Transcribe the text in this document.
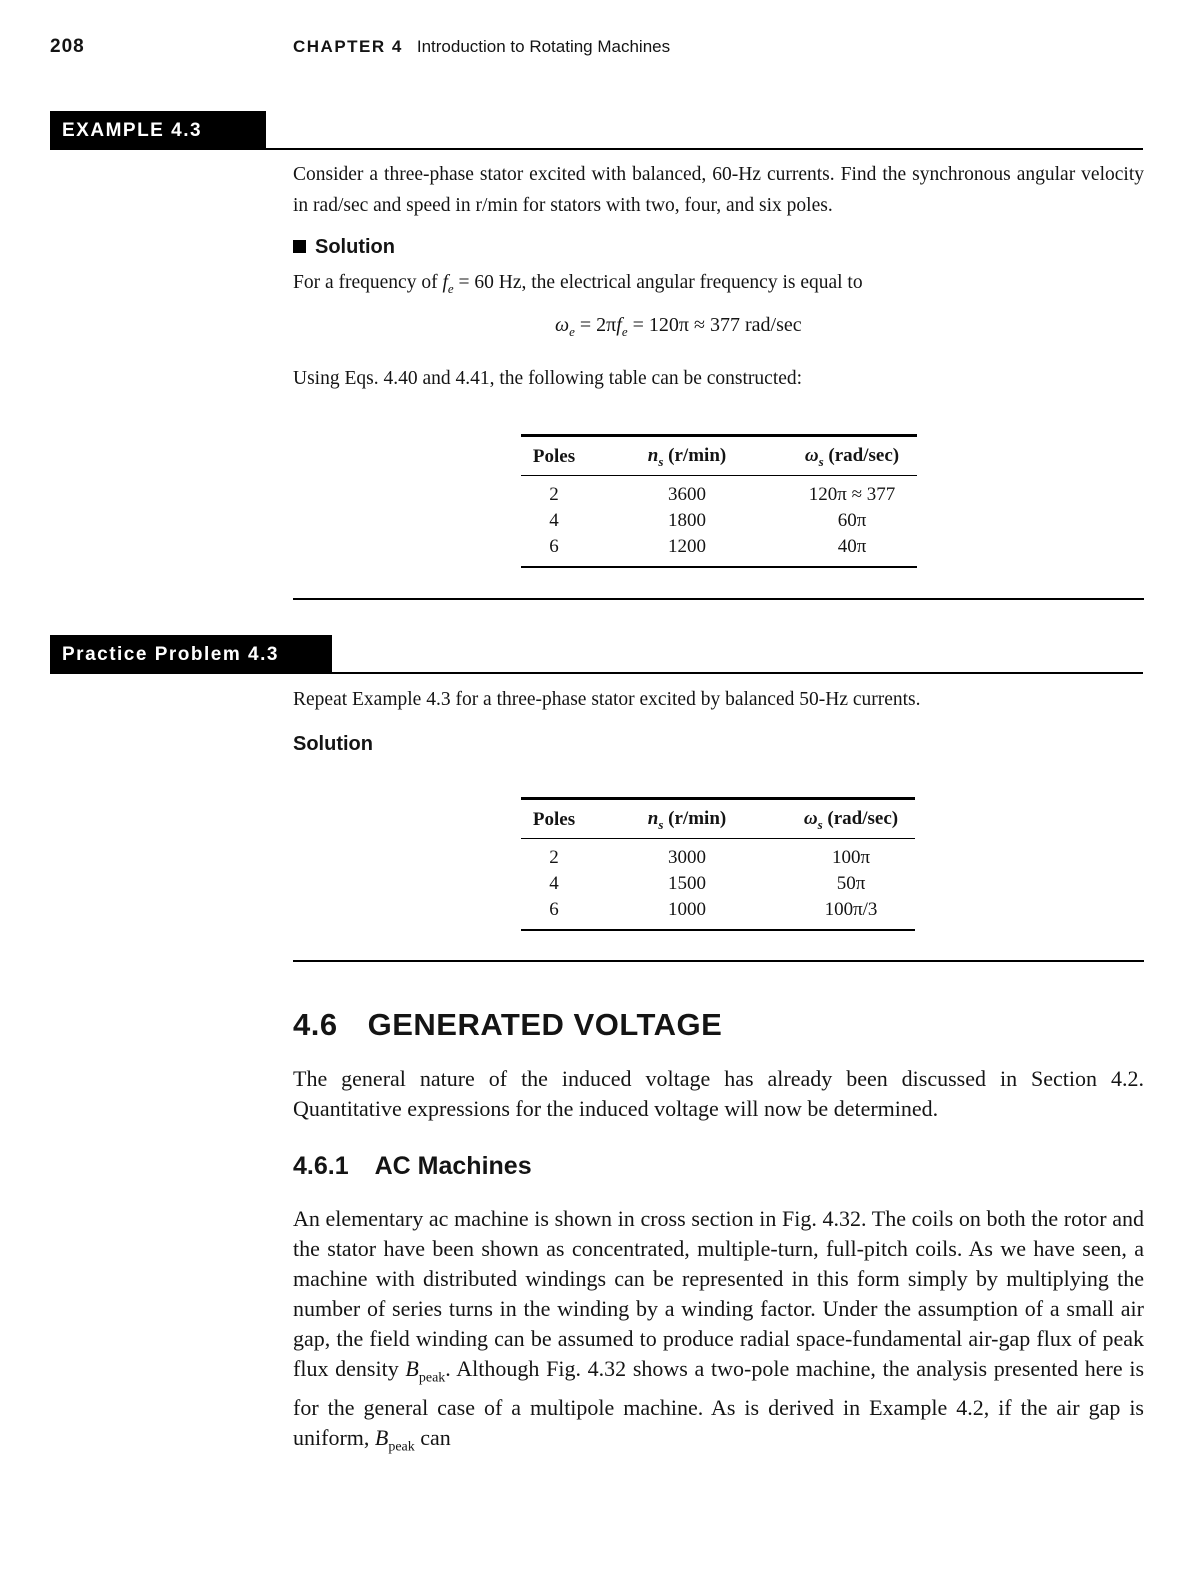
208	CHAPTER 4 Introduction to Rotating Machines
EXAMPLE 4.3
Consider a three-phase stator excited with balanced, 60-Hz currents. Find the synchronous angular velocity in rad/sec and speed in r/min for stators with two, four, and six poles.
Solution
For a frequency of $f_e = 60$ Hz, the electrical angular frequency is equal to
$\omega_e = 2\pi f_e = 120\pi \approx 377$ rad/sec
Using Eqs. 4.40 and 4.41, the following table can be constructed:
Poles	$n_s$ (r/min)	$\omega_s$ (rad/sec)
2	3600	120π ≈ 377
4	1800	60π
6	1200	40π
Practice Problem 4.3
Repeat Example 4.3 for a three-phase stator excited by balanced 50-Hz currents.
Solution
Poles	$n_s$ (r/min)	$\omega_s$ (rad/sec)
2	3000	100π
4	1500	50π
6	1000	100π/3
4.6 GENERATED VOLTAGE
The general nature of the induced voltage has already been discussed in Section 4.2. Quantitative expressions for the induced voltage will now be determined.
4.6.1 AC Machines
An elementary ac machine is shown in cross section in Fig. 4.32. The coils on both the rotor and the stator have been shown as concentrated, multiple-turn, full-pitch coils. As we have seen, a machine with distributed windings can be represented in this form simply by multiplying the number of series turns in the winding by a winding factor. Under the assumption of a small air gap, the field winding can be assumed to produce radial space-fundamental air-gap flux of peak flux density $B_{peak}$. Although Fig. 4.32 shows a two-pole machine, the analysis presented here is for the general case of a multipole machine. As is derived in Example 4.2, if the air gap is uniform, $B_{peak}$ can
